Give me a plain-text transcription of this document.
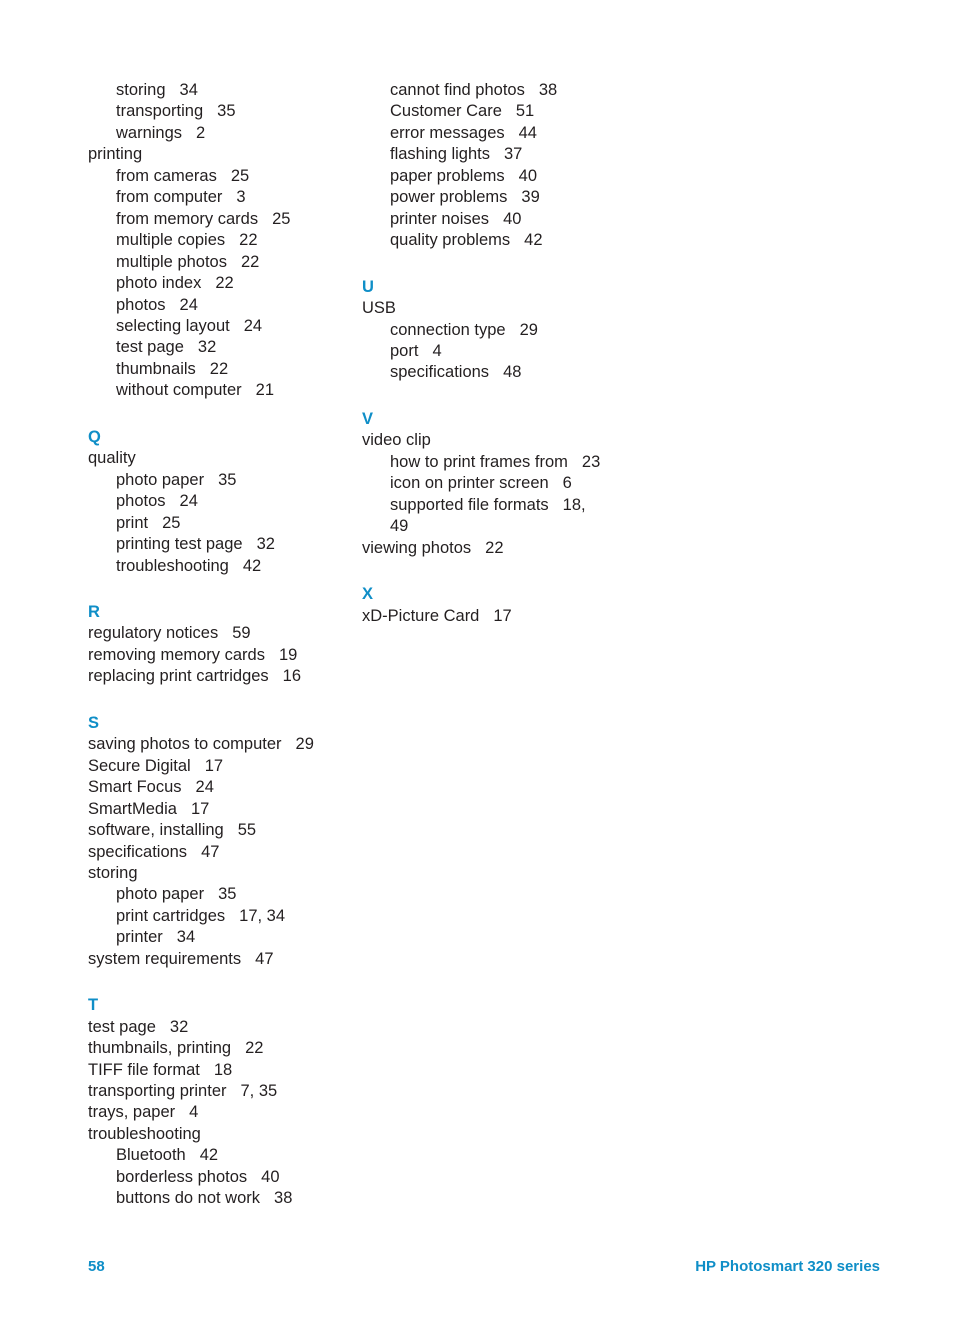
storing 34
transporting 35
warnings 2
printing
from cameras 25
from computer 3
from memory cards 25
multiple copies 22
multiple photos 22
photo index 22
photos 24
selecting layout 24
test page 32
thumbnails 22
without computer 21
Q
quality
photo paper 35
photos 24
print 25
printing test page 32
troubleshooting 42
R
regulatory notices 59
removing memory cards 19
replacing print cartridges 16
S
saving photos to computer 29
Secure Digital 17
Smart Focus 24
SmartMedia 17
software, installing 55
specifications 47
storing
photo paper 35
print cartridges 17, 34
printer 34
system requirements 47
T
test page 32
thumbnails, printing 22
TIFF file format 18
transporting printer 7, 35
trays, paper 4
troubleshooting
Bluetooth 42
borderless photos 40
buttons do not work 38
cannot find photos 38
Customer Care 51
error messages 44
flashing lights 37
paper problems 40
power problems 39
printer noises 40
quality problems 42
U
USB
connection type 29
port 4
specifications 48
V
video clip
how to print frames from 23
icon on printer screen 6
supported file formats 18, 49
viewing photos 22
X
xD-Picture Card 17
58	HP Photosmart 320 series
